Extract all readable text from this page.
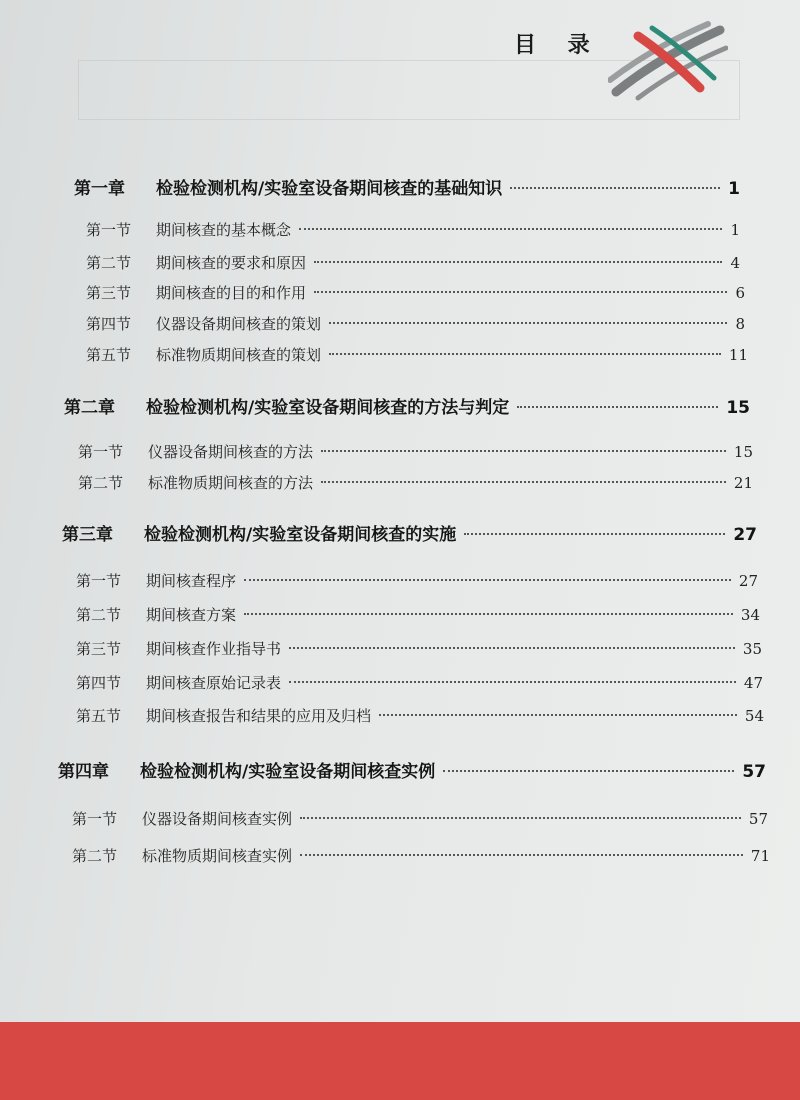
目 录
第一章	检验检测机构/实验室设备期间核查的基础知识	1
第一节	期间核查的基本概念	1
第二节	期间核查的要求和原因	4
第三节	期间核查的目的和作用	6
第四节	仪器设备期间核查的策划	8
第五节	标准物质期间核查的策划	11
第二章	检验检测机构/实验室设备期间核查的方法与判定	15
第一节	仪器设备期间核查的方法	15
第二节	标准物质期间核查的方法	21
第三章	检验检测机构/实验室设备期间核查的实施	27
第一节	期间核查程序	27
第二节	期间核查方案	34
第三节	期间核查作业指导书	35
第四节	期间核查原始记录表	47
第五节	期间核查报告和结果的应用及归档	54
第四章	检验检测机构/实验室设备期间核查实例	57
第一节	仪器设备期间核查实例	57
第二节	标准物质期间核查实例	71
